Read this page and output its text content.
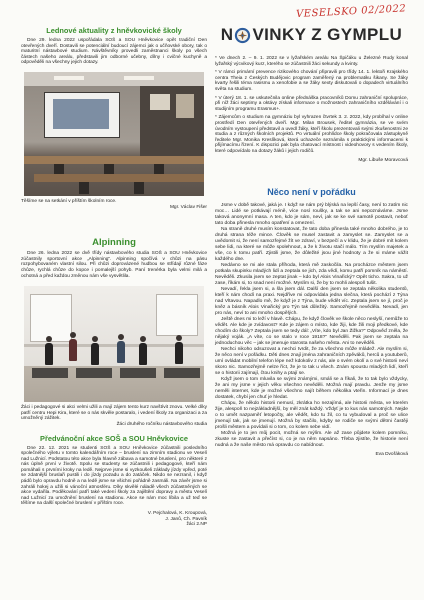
VESELSKO 02/2022
Lednové aktuality z hněvkovické školy

Dne 29. ledna 2022 uspořádala SOŠ a SOU Hněvkovice opět tradiční Den otevřených dveří. Dostavili se potenciální budoucí zájemci jak o učňovské obory, tak o maturitní nástavbové studium. Návštěvníky provedli zaměstnanci školy po všech částech našeho areálu, představili jim odborné učebny, dílny i cvičné kuchyně a odpověděli na všechny jejich dotazy.

Těšíme se na setkání v příštím školním roce.

Mgr. Václav Fišer

Alpinning

Dne 26. ledna 2022 se dvě třídy nástavbového studia SOŠ a SOU Hněvkovice zúčastnily sportovní akce „Alpinning“. Alpinning spočívá v chůzi na pásu rozpohybovaném vlastní silou. Při chůzi doprovázené hudbou se střídají různé fáze chůze, rychlá chůze do kopce i pomalejší pohyb. Paní trenérka byla velmi milá a ochotná a před každou změnou nám vše vysvětlila.

Žáci i pedagogové si akci velmi užili a mají zájem tento kurz navštívit znovu. Velké díky patří centru Hepi Kira, které se o nás skvěle postaralo, i vedení školy za organizaci a za umožněný zážitek.

Žáci druhého ročníku nástavbového studia

Předvánoční akce SOŠ a SOU Hněvkovice

Dne 22. 12. 2021 se studenti SOŠ a SOU Hněvkovice zúčastnili posledního společného výletu v tomto kalendářním roce – bruslení na zimním stadionu ve Veselí nad Lužnicí. Podstatou této akce byla hlavně zábava a samotné bruslení, pro některé z nás úplně první v životě. Spolu se studenty se zúčastnili i pedagogové, kteří nám pomáhali s prvními kroky na ledě. Nejprve jsme si vyzkoušeli základy jízdy vpřed, poté se zdatnější bruslaři pustili i do jízdy pozadu a do zatáček. Nikdo se nezranil, i když pádů bylo opravdu hodně a na ledě jsme se všichni pořádně zasmáli. Na závěr jsme si zahráli hokej a užili si vánoční atmosféru. Díky skvělé náladě všech zúčastněných se akce vydařila. Poděkování patří také vedení školy za zajištění dopravy a městu Veselí nad Lužnicí za umožnění bruslení na stadionu. Akce se nám moc líbila a už teď se těšíme na další společné bruslení v příštím roce.

V. Pejchalová, K. Kroupová,

J. Janů, Ch. Pavník

žáci 2.NP

N VINKY Z GYMPLU

* Ve dnech 2. – 9. 1. 2022 se v lyžařském areálu Na Špičáku u Železné Rudy konal lyžařský výcvikový kurz, kterého se zúčastnili žáci sekundy a kvinty.

* V rámci primární prevence rizikového chování připravili pro třídy 14. 1. lektoři Krajského centra Theia z Českých Budějovic program zaměřený na problematiku šikany. Se žáky kvarty řešili téma rasismu a xenofobie a se žáky sexty diskutovali o dopadech virtuálního světa na studium.

* V úterý 18. 1. se uskutečnila online přednáška pracovníků Domu zahraniční spolupráce, při níž žáci septimy a oktávy získali informace o možnostech zahraničního vzdělávání i o studijním programu Erasmus+.

* Zájemcům o studium na gymnáziu byl vyhrazen čtvrtek 3. 2. 2022, kdy probíhal v online prostředí Den otevřených dveří. Mgr. Milan Brousek, ředitel gymnázia, se ve svém úvodním vystoupení představil a uvedl žáky, kteří školu prezentovali svými zkušenostmi ze studia a z různých školních projektů. Po virtuální prohlídce školy pokračovala zástupkyně ředitele Mgr. Monika Kreslíková, která uchazeče seznámila s praktickými informacemi k přijímacímu řízení. K dispozici pak byla chatovací místnost i videohovory s vedením školy, které odpovídalo na dotazy žáků i jejich rodičů.

Mgr. Libuše Moravcová

Něco není v pořádku

Jsme v době takové, jaká je. I když se nám prý blýská na lepší časy, není to zatím nic moc… Lidé se potkávají méně, více nosí roušky, a tak se ani nepoznáváme. Jsme taková anonymní masa. A ten, kdo je sám, neví, jak se ke své samotě postavit, neboť tato doba přinesla mnoho opatření a omezení.

Na straně druhé musím konstatovat, že tato doba přinesla také mnoho dobrého, je to druhá strana téže mince. Člověk se musel zastavit a zamyslet se. Zamyslet se a uvědomit si, že není samozřejmé žít ve zdraví, v bezpečí a v klidu, že je dobré mít kolem sebe lidi, na které se může spolehnout, a že k životu stačí málo. Tím myslím majetek a vše, co k tomu patří. Zjistili jsme, že důležité jsou jiné hodnoty a že si máme vážit každého dne.

Nedávno se mi ale stala příhoda, která mě zaskočila. Na procházce městem jsem potkala skupinku mladých lidí a zeptala se jich, zda vědí, komu patří pomník na náměstí. Nevěděli. Zkusila jsem se zeptat jinak – kdo byl Alois Vinařický? Opět ticho. Sakra, to už zase, říkám si, to snad není možné. Myslím si, že by to mohli alespoň tušit.

Nevadí, řekla jsem si, a šla jsem dál. Další den jsem se zeptala několika studentů, kteří k nám chodí na praxi. Nejdříve mi odpovídala jedna slečna, která pochází z Týna nad Vltavou. Napadlo mě, že když je z Týna, bude vědět víc. Zeptala jsem se jí, proč je kněz a básník Alois Vinařický pro Týn tak důležitý. Samozřejmě nevěděla. Nevadí, jen pro nás, neví to ani mnoho dospělých.

Ještě dnes mi to leží v hlavě. Chápu, že když člověk ve škole něco neslyší, nemůže to vědět. Ale kde je zvídavost? Kde je zájem o místo, kde žiji, kde žili moji předkové, kde chodím do školy? Zeptala jsem se tedy dál: „Víte, kdo byl Jan Žižka?“ Odpověď zněla, že nějaký voják. „A víte, co se stalo v roce 1918?“ Nevěděli. Pak jsem se zeptala na jednoduchou věc – jak se jmenuje starosta našeho města. Ani to nevěděli.

Nechci nikoho odsuzovat a nechci tvrdit, že za všechno může mládež. Ale myslím si, že něco není v pořádku. Děti dnes znají jména zahraničních zpěváků, herců a youtuberů, umí ovládat mobilní telefon lépe než kdokoliv z nás, ale o svém okolí a o své historii neví skoro nic. Samozřejmě nelze říct, že je to tak u všech. Znám spoustu mladých lidí, kteří se o historii zajímají, čtou knihy a ptají se.

Když jsem o tom mluvila se svými známými, smáli se a říkali, že to tak bylo vždycky, že ani my jsme v jejich věku všechno nevěděli. Možná mají pravdu. Jenže my jsme neměli internet, kde je možné všechno najít během několika vteřin. Informací je dnes dostatek, chybí jen chuť je hledat.

Chápu, že někdo historii nemusí, zkrátka ho nezajímá, ale historii města, ve kterém žije, alespoň to nejzákladnější, by měl znát každý. Vždyť je to kus nás samotných. Nejde o to umět nazpaměť letopočty, ale vědět, kdo tu žil, co tu vybudoval a proč se ulice jmenují tak, jak se jmenují. Možná by stačilo, kdyby se rodiče se svými dětmi častěji prošli městem a povídali si o tom, co kolem sebe vidí.

Možná je to jen můj pocit, možná se mýlím. Ale až zase půjdete kolem pomníku, zkuste se zastavit a přečíst si, co je na něm napsáno. Třeba zjistíte, že historie není nudná a že naše město má opravdu co nabídnout.

Eva Dvořáková
